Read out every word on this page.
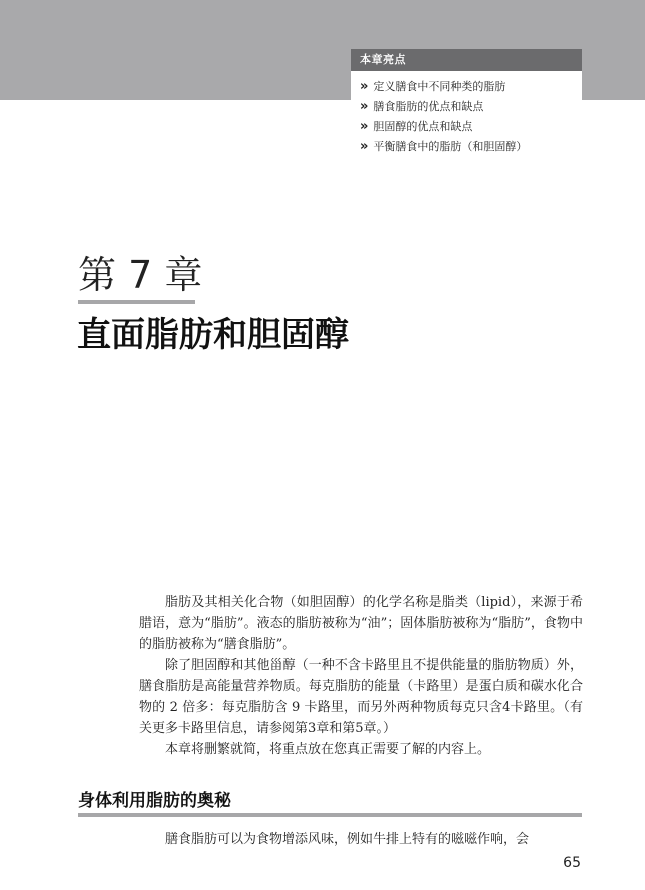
本章亮点
» 定义膳食中不同种类的脂肪
» 膳食脂肪的优点和缺点
» 胆固醇的优点和缺点
» 平衡膳食中的脂肪（和胆固醇）
第 7 章
直面脂肪和胆固醇

脂肪及其相关化合物（如胆固醇）的化学名称是脂类（lipid），来源于希腊语，意为“脂肪”。液态的脂肪被称为“油”；固体脂肪被称为“脂肪”，食物中的脂肪被称为“膳食脂肪”。

除了胆固醇和其他甾醇（一种不含卡路里且不提供能量的脂肪物质）外，膳食脂肪是高能量营养物质。每克脂肪的能量（卡路里）是蛋白质和碳水化合物的 2 倍多：每克脂肪含 9 卡路里，而另外两种物质每克只含4卡路里。（有关更多卡路里信息，请参阅第3章和第5章。）

本章将删繁就简，将重点放在您真正需要了解的内容上。

身体利用脂肪的奥秘

膳食脂肪可以为食物增添风味，例如牛排上特有的嗞嗞作响，会

65
